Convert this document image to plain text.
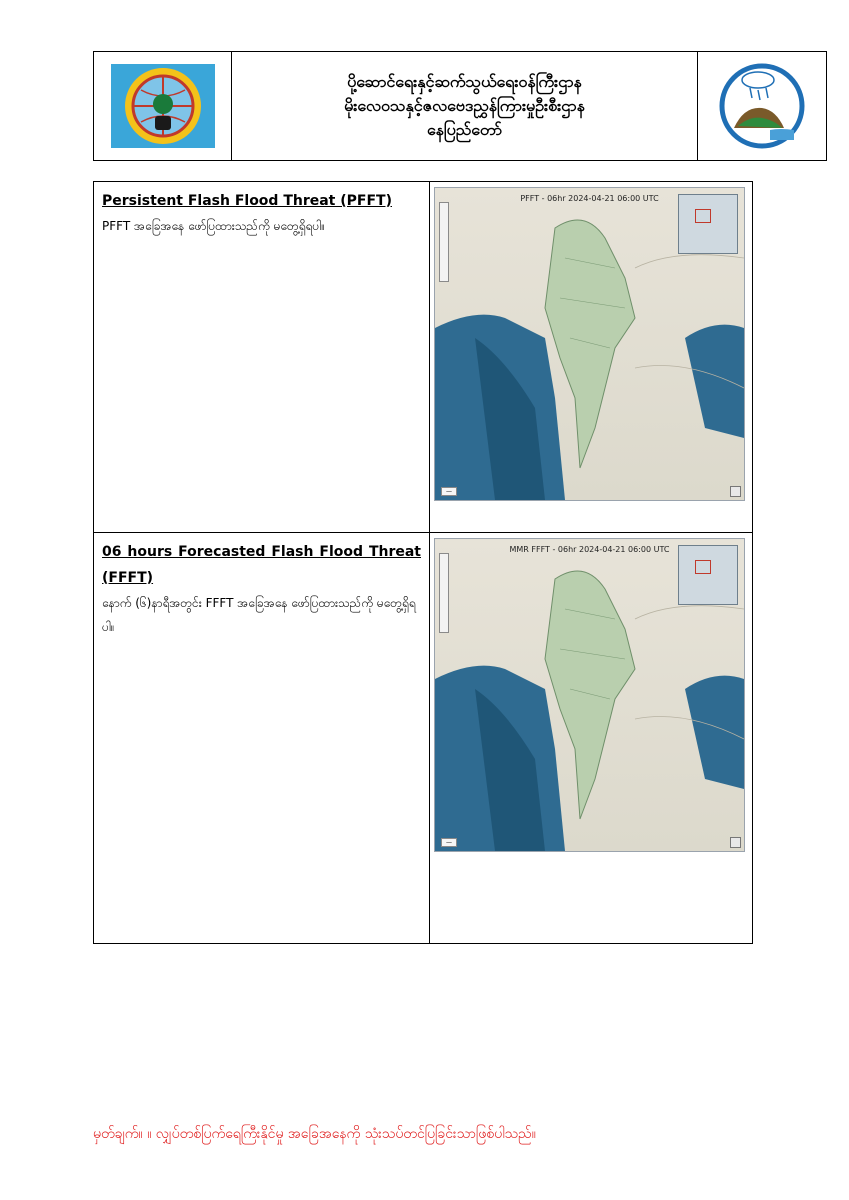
ပို့ဆောင်ရေးနှင့်ဆက်သွယ်ရေးဝန်ကြီးဌာန
မိုးလေဝသနှင့်ဇလဗေဒညွှန်ကြားမှုဦးစီးဌာန
နေပြည်တော်
Persistent Flash Flood Threat (PFFT)
PFFT အခြေအနေ ဖော်ပြထားသည်ကို မတွေ့ရှိရပါ။
PFFT - 06hr 2024-04-21 06:00 UTC
—
06 hours Forecasted Flash Flood Threat (FFFT)
နောက် (၆)နာရီအတွင်း FFFT အခြေအနေ ဖော်ပြထားသည်ကို မတွေ့ရှိရပါ။
MMR FFFT - 06hr 2024-04-21 06:00 UTC
—
မှတ်ချက်။ ။ လျှပ်တစ်ပြက်ရေကြီးနိုင်မှု အခြေအနေကို သုံးသပ်တင်ပြခြင်းသာဖြစ်ပါသည်။
